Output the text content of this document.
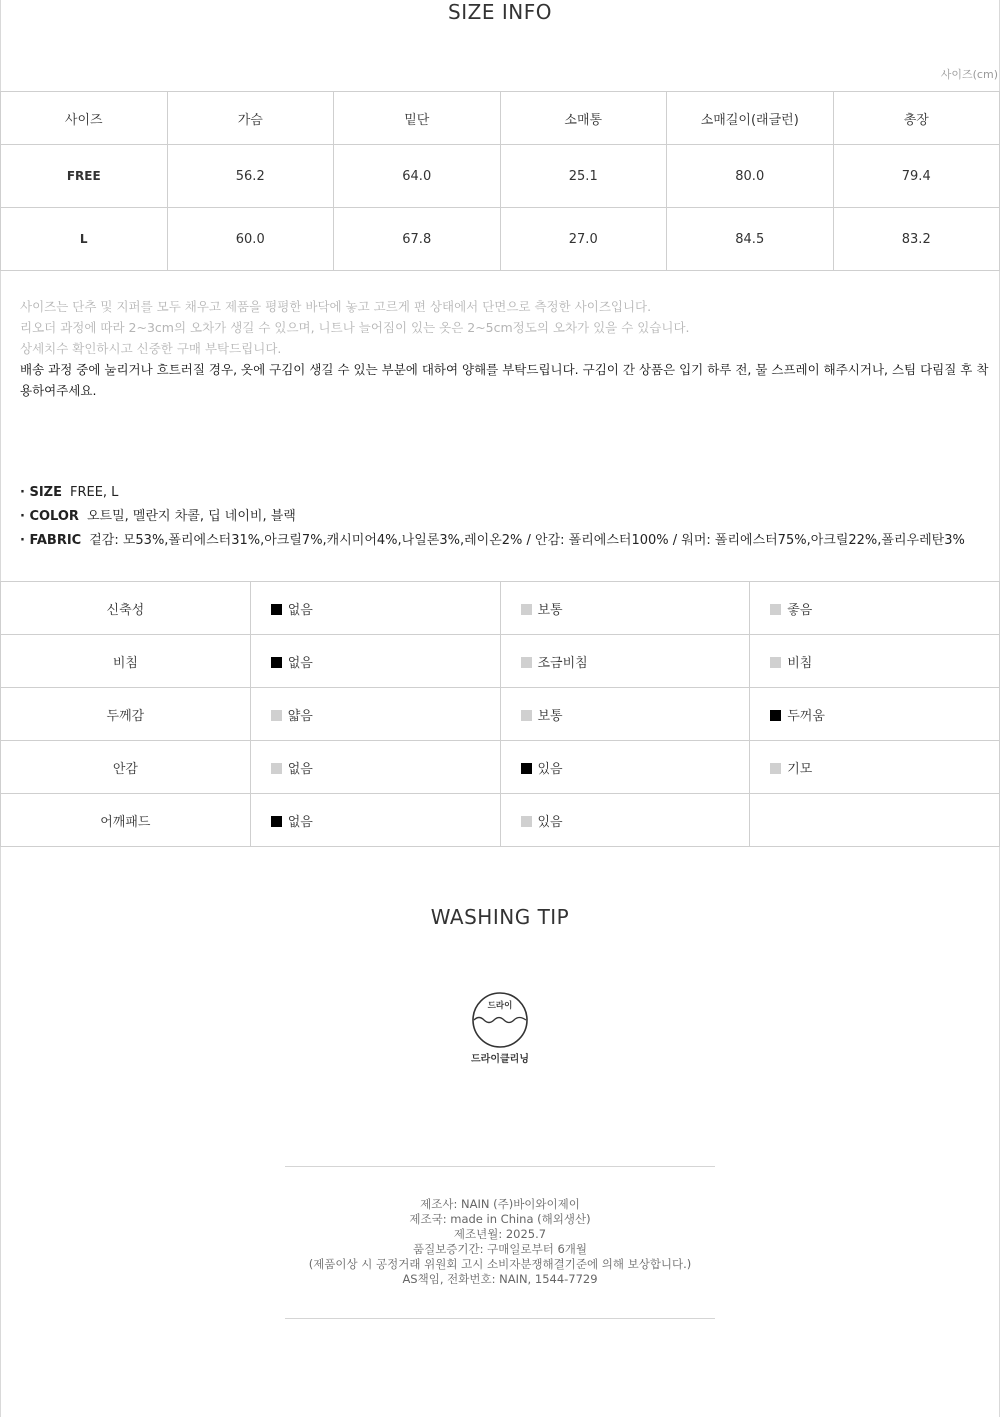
SIZE INFO
사이즈(cm)
사이즈	가슴	밑단	소매통	소매길이(래글런)	총장
FREE	56.2	64.0	25.1	80.0	79.4
L	60.0	67.8	27.0	84.5	83.2
사이즈는 단추 및 지퍼를 모두 채우고 제품을 평평한 바닥에 놓고 고르게 편 상태에서 단면으로 측정한 사이즈입니다.
리오더 과정에 따라 2~3cm의 오차가 생길 수 있으며, 니트나 늘어짐이 있는 옷은 2~5cm정도의 오차가 있을 수 있습니다.
상세치수 확인하시고 신중한 구매 부탁드립니다.
배송 과정 중에 눌리거나 흐트러질 경우, 옷에 구김이 생길 수 있는 부분에 대하여 양해를 부탁드립니다. 구김이 간 상품은 입기 하루 전, 물 스프레이 해주시거나, 스팀 다림질 후 착용하여주세요.
· SIZE FREE, L
· COLOR 오트밀, 멜란지 차콜, 딥 네이비, 블랙
· FABRIC 겉감: 모53%,폴리에스터31%,아크릴7%,캐시미어4%,나일론3%,레이온2% / 안감: 폴리에스터100% / 워머: 폴리에스터75%,아크릴22%,폴리우레탄3%
신축성	없음	보통	좋음
비침	없음	조금비침	비침
두께감	얇음	보통	두꺼움
안감	없음	있음	기모
어깨패드	없음	있음	
WASHING TIP
드라이
드라이클리닝
제조사: NAIN (주)바이와이제이
제조국: made in China (해외생산)
제조년월: 2025.7
품질보증기간: 구매일로부터 6개월
(제품이상 시 공정거래 위원회 고시 소비자분쟁해결기준에 의해 보상합니다.)
AS책임, 전화번호: NAIN, 1544-7729
